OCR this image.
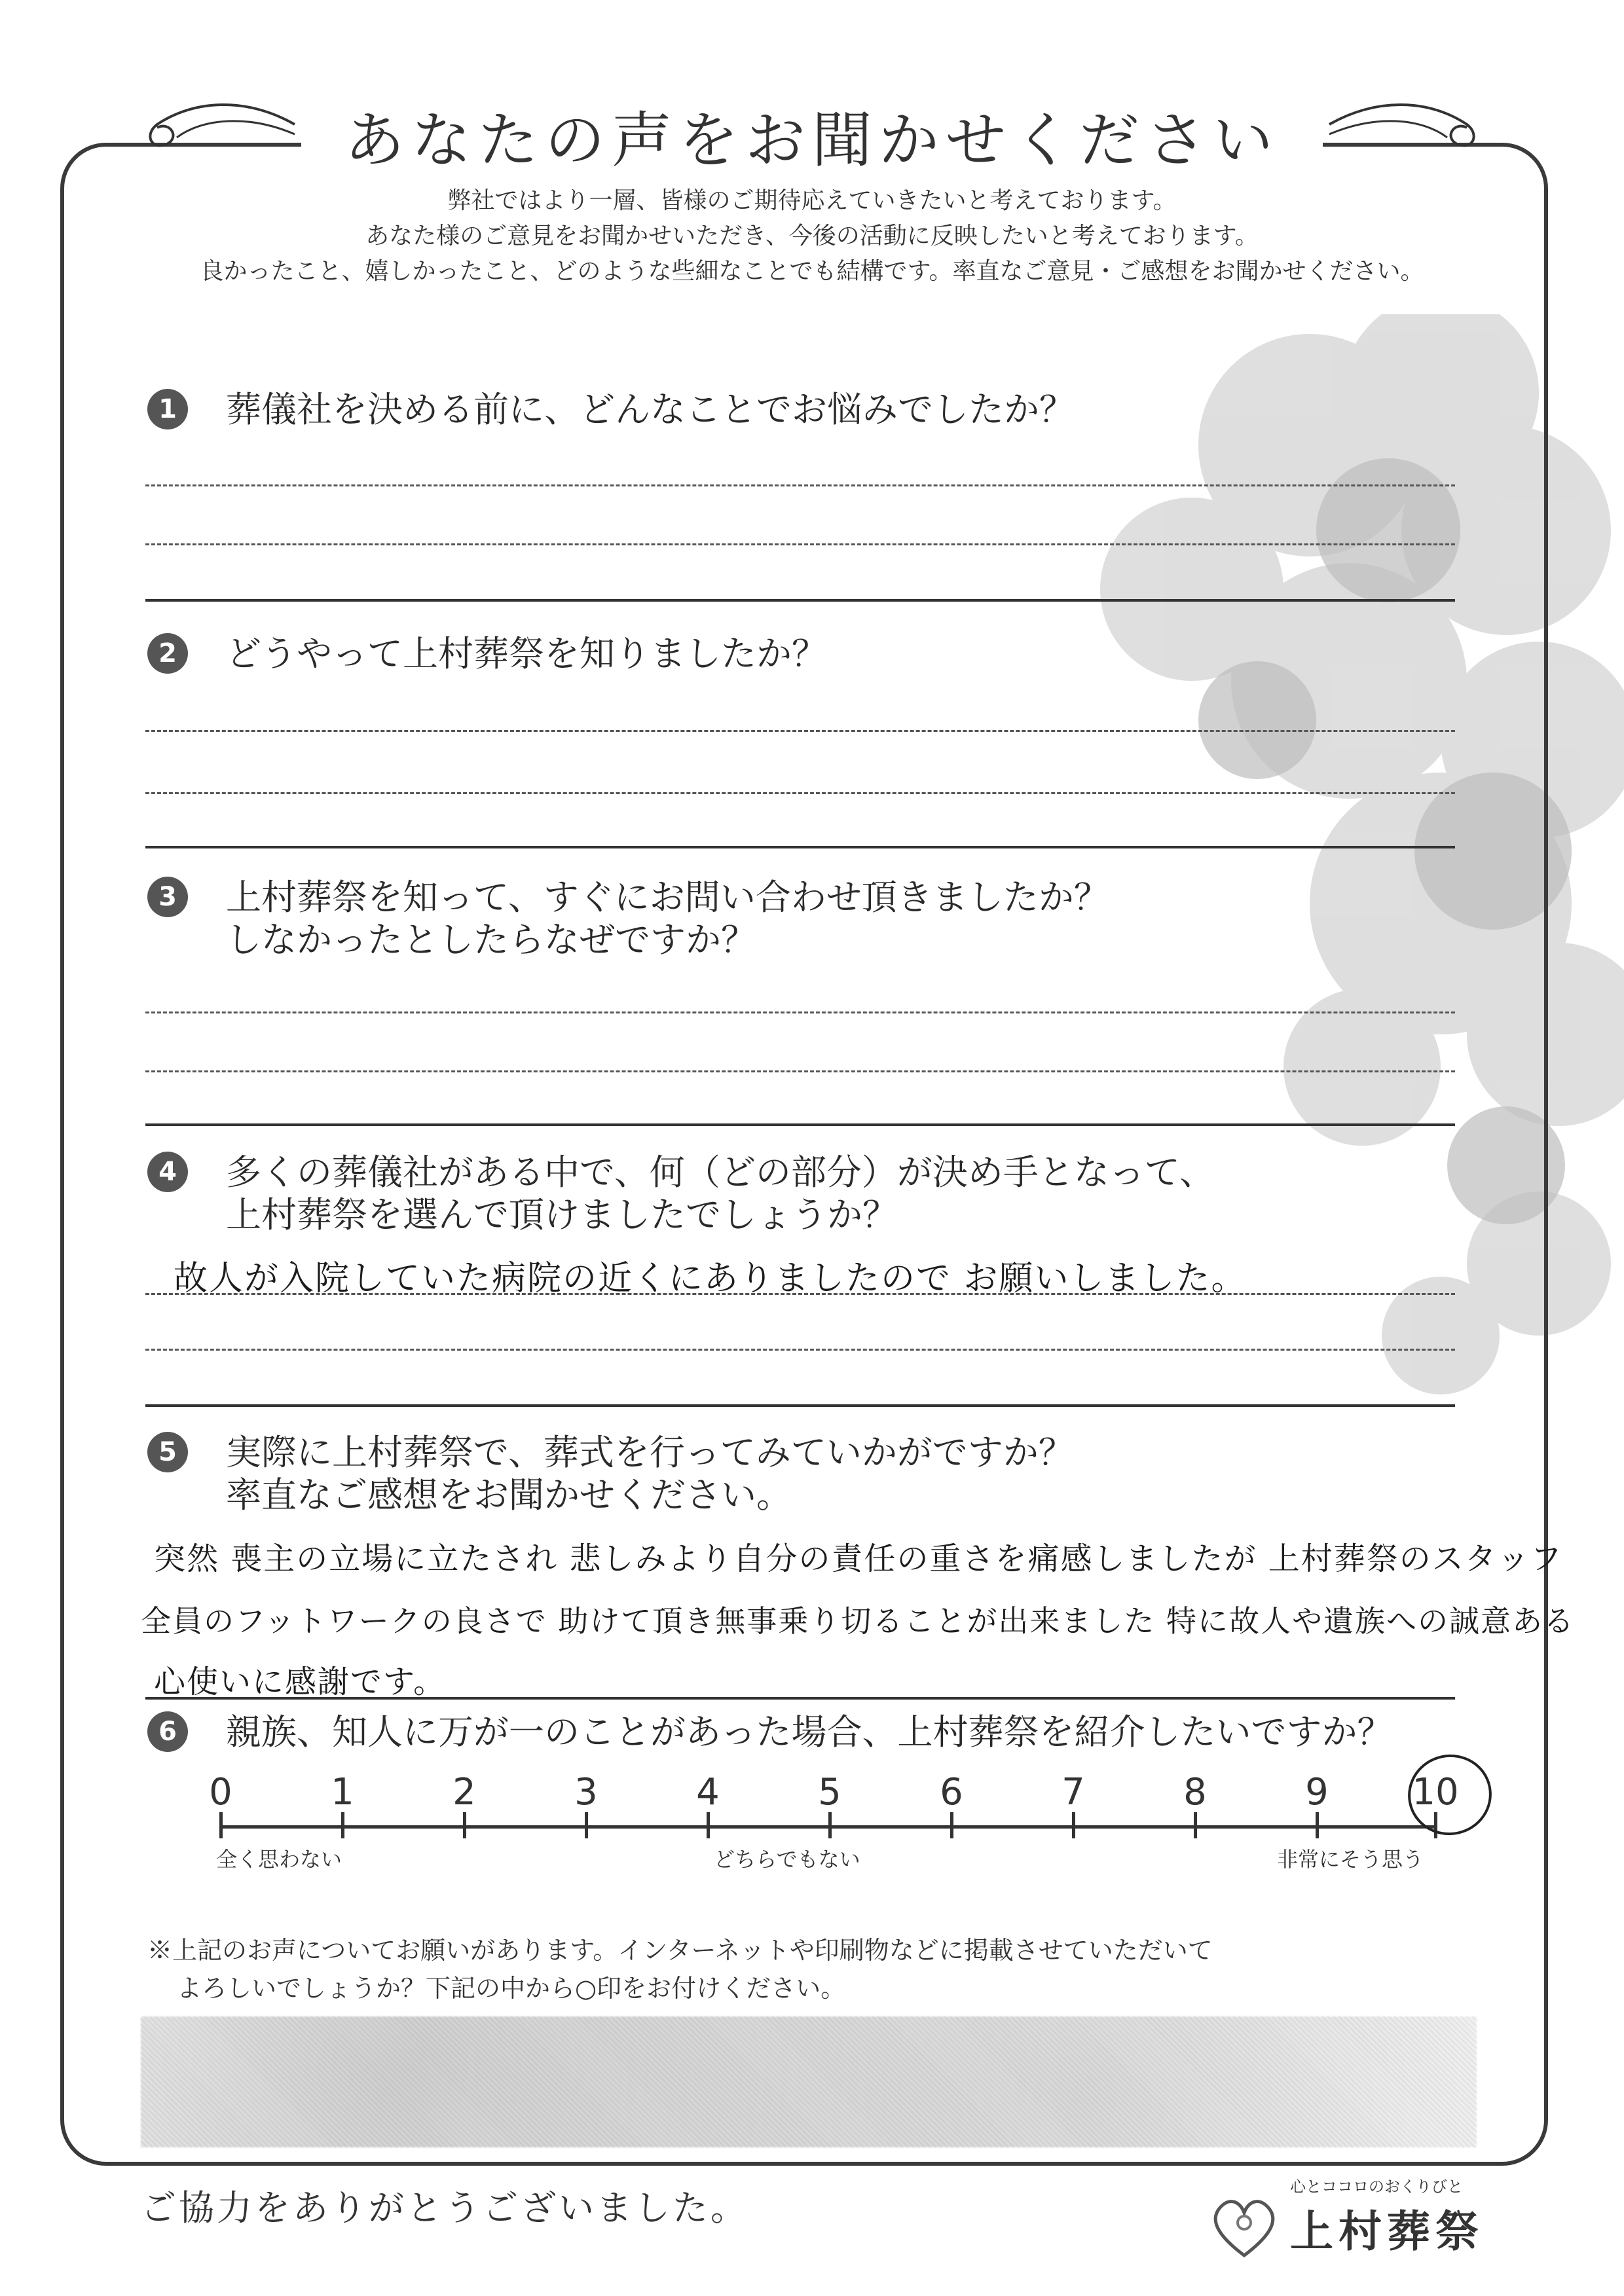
あなたの声をお聞かせください
弊社ではより一層、皆様のご期待応えていきたいと考えております。
あなた様のご意見をお聞かせいただき、今後の活動に反映したいと考えております。
良かったこと、嬉しかったこと、どのような些細なことでも結構です。率直なご意見・ご感想をお聞かせください。
1	葬儀社を決める前に、どんなことでお悩みでしたか？
2	どうやって上村葬祭を知りましたか？
3	上村葬祭を知って、すぐにお問い合わせ頂きましたか？
しなかったとしたらなぜですか？
4	多くの葬儀社がある中で、何（どの部分）が決め手となって、
上村葬祭を選んで頂けましたでしょうか？
故人が入院していた病院の近くにありましたので お願いしました。
5	実際に上村葬祭で、葬式を行ってみていかがですか？
率直なご感想をお聞かせください。
突然 喪主の立場に立たされ 悲しみより自分の責任の重さを痛感しましたが 上村葬祭のスタッフ
全員のフットワークの良さで 助けて頂き無事乗り切ることが出来ました 特に故人や遺族への誠意ある
心使いに感謝です。
6	親族、知人に万が一のことがあった場合、上村葬祭を紹介したいですか？
0	1	2	3	4	5	6	7	8	9	10
全く思わない	どちらでもない	非常にそう思う
※上記のお声についてお願いがあります。インターネットや印刷物などに掲載させていただいて
よろしいでしょうか？下記の中から○印をお付けください。
ご協力をありがとうございました。
心とココロのおくりびと
上村葬祭
